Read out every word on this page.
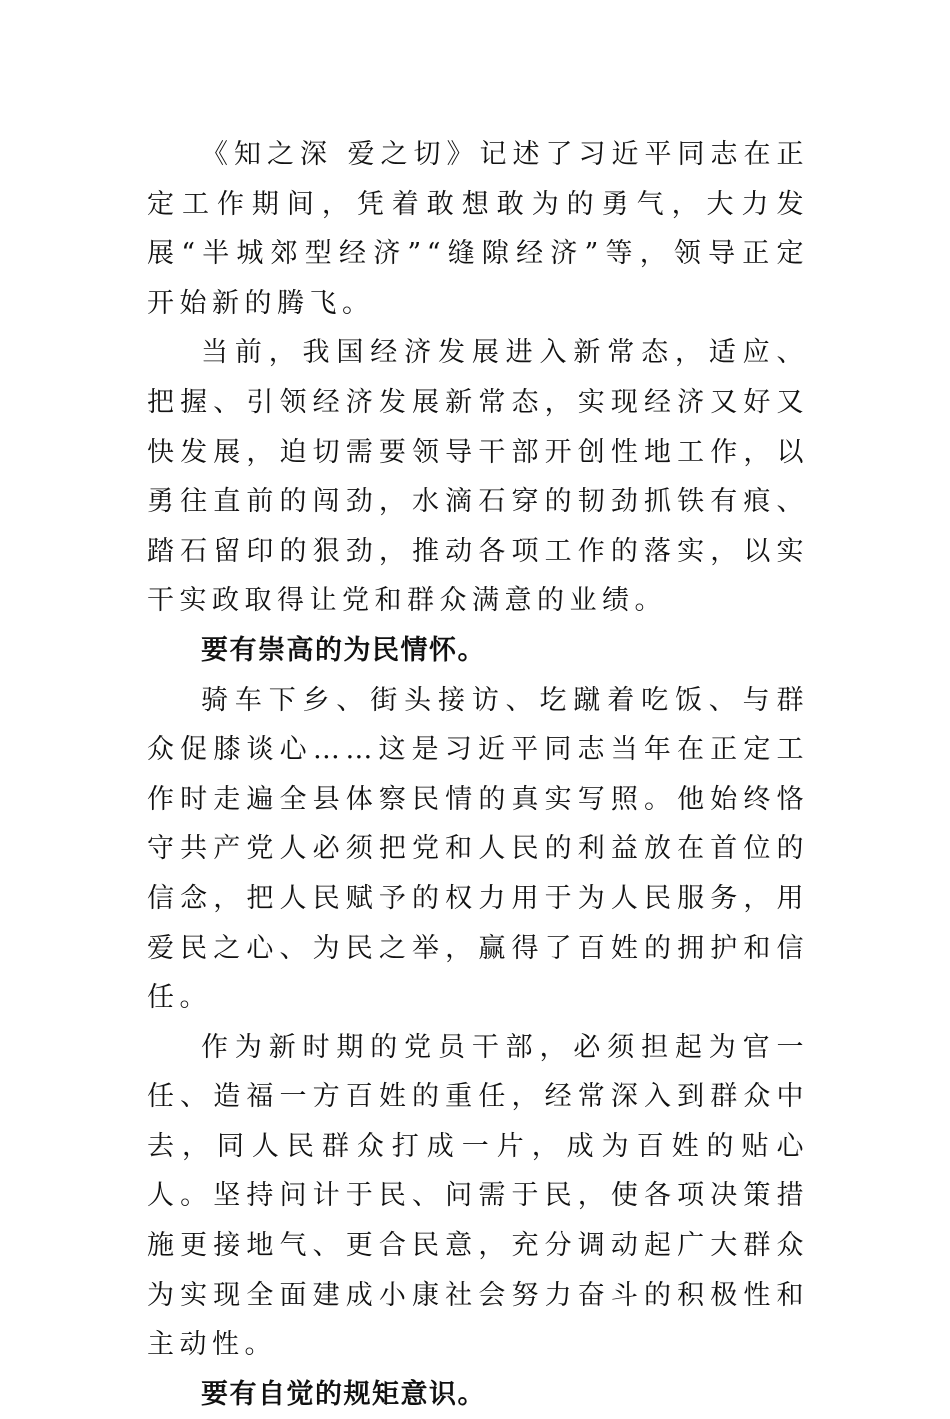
《知之深 爱之切》记述了习近平同志在正定工作期间，凭着敢想敢为的勇气，大力发展“半城郊型经济”“缝隙经济”等，领导正定开始新的腾飞。

当前，我国经济发展进入新常态，适应、把握、引领经济发展新常态，实现经济又好又快发展，迫切需要领导干部开创性地工作，以勇往直前的闯劲，水滴石穿的韧劲抓铁有痕、踏石留印的狠劲，推动各项工作的落实，以实干实政取得让党和群众满意的业绩。

要有崇高的为民情怀。

骑车下乡、街头接访、圪蹴着吃饭、与群众促膝谈心……这是习近平同志当年在正定工作时走遍全县体察民情的真实写照。他始终恪守共产党人必须把党和人民的利益放在首位的信念，把人民赋予的权力用于为人民服务，用爱民之心、为民之举，赢得了百姓的拥护和信任。

作为新时期的党员干部，必须担起为官一任、造福一方百姓的重任，经常深入到群众中去，同人民群众打成一片，成为百姓的贴心人。坚持问计于民、问需于民，使各项决策措施更接地气、更合民意，充分调动起广大群众为实现全面建成小康社会努力奋斗的积极性和主动性。

要有自觉的规矩意识。
